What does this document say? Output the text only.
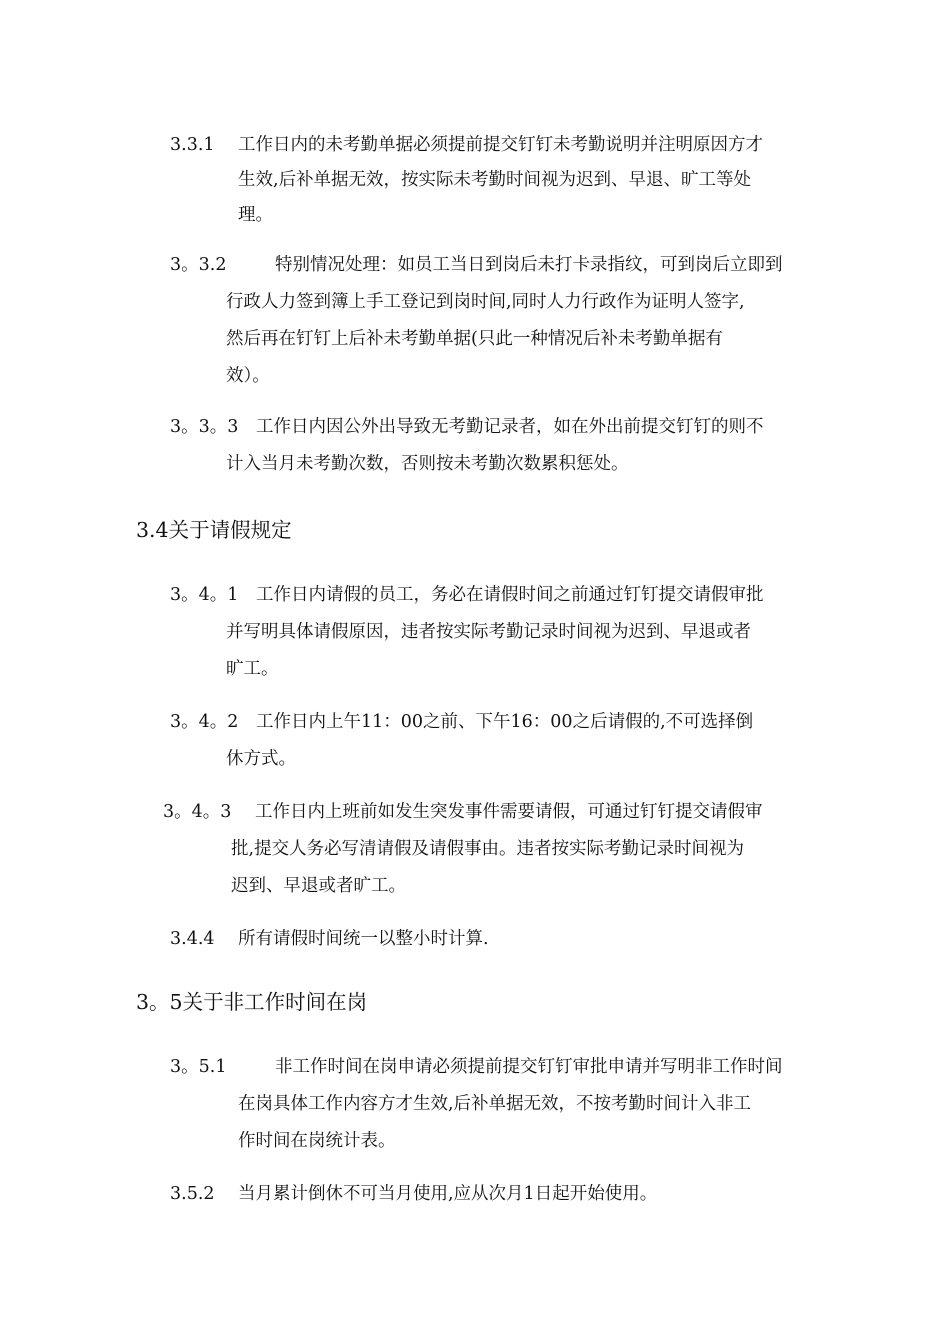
3.3.1 工作日内的未考勤单据必须提前提交钉钉未考勤说明并注明原因方才
生效,后补单据无效，按实际未考勤时间视为迟到、早退、旷工等处
理。
3。3.2	特别情况处理：如员工当日到岗后未打卡录指纹，可到岗后立即到
行政人力签到簿上手工登记到岗时间,同时人力行政作为证明人签字,
然后再在钉钉上后补未考勤单据(只此一种情况后补未考勤单据有
效）。
3。3。3 工作日内因公外出导致无考勤记录者，如在外出前提交钉钉的则不
计入当月未考勤次数，否则按未考勤次数累积惩处。
3.4关于请假规定
3。4。1 工作日内请假的员工，务必在请假时间之前通过钉钉提交请假审批
并写明具体请假原因，违者按实际考勤记录时间视为迟到、早退或者
旷工。
3。4。2 工作日内上午11：00之前、下午16：00之后请假的,不可选择倒
休方式。
3。4。3 工作日内上班前如发生突发事件需要请假，可通过钉钉提交请假审
批,提交人务必写清请假及请假事由。违者按实际考勤记录时间视为
迟到、早退或者旷工。
3.4.4 所有请假时间统一以整小时计算.
3。5关于非工作时间在岗
3。5.1	非工作时间在岗申请必须提前提交钉钉审批申请并写明非工作时间
在岗具体工作内容方才生效,后补单据无效，不按考勤时间计入非工
作时间在岗统计表。
3.5.2 当月累计倒休不可当月使用,应从次月1日起开始使用。
